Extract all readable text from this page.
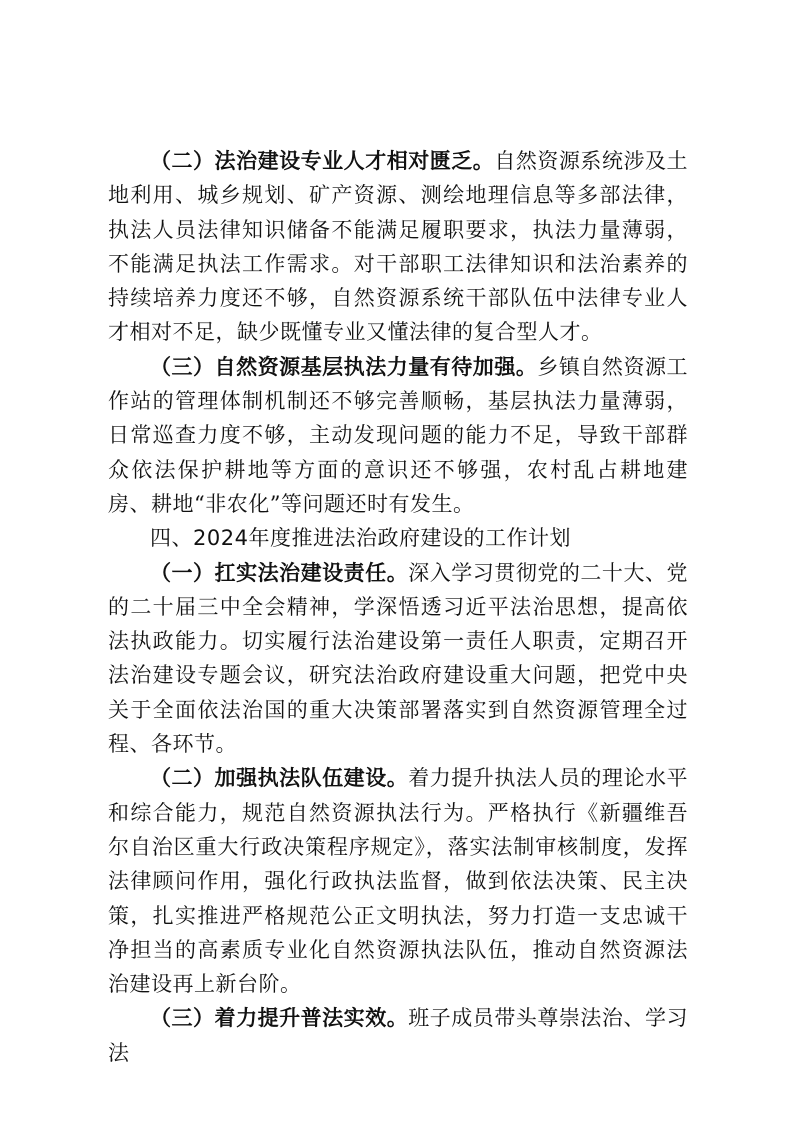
（二）法治建设专业人才相对匮乏。自然资源系统涉及土地利用、城乡规划、矿产资源、测绘地理信息等多部法律，执法人员法律知识储备不能满足履职要求，执法力量薄弱，不能满足执法工作需求。对干部职工法律知识和法治素养的持续培养力度还不够，自然资源系统干部队伍中法律专业人才相对不足，缺少既懂专业又懂法律的复合型人才。

（三）自然资源基层执法力量有待加强。乡镇自然资源工作站的管理体制机制还不够完善顺畅，基层执法力量薄弱，日常巡查力度不够，主动发现问题的能力不足，导致干部群众依法保护耕地等方面的意识还不够强，农村乱占耕地建房、耕地“非农化”等问题还时有发生。

四、2024年度推进法治政府建设的工作计划

（一）扛实法治建设责任。深入学习贯彻党的二十大、党的二十届三中全会精神，学深悟透习近平法治思想，提高依法执政能力。切实履行法治建设第一责任人职责，定期召开法治建设专题会议，研究法治政府建设重大问题，把党中央关于全面依法治国的重大决策部署落实到自然资源管理全过程、各环节。

（二）加强执法队伍建设。着力提升执法人员的理论水平和综合能力，规范自然资源执法行为。严格执行《新疆维吾尔自治区重大行政决策程序规定》，落实法制审核制度，发挥法律顾问作用，强化行政执法监督，做到依法决策、民主决策，扎实推进严格规范公正文明执法，努力打造一支忠诚干净担当的高素质专业化自然资源执法队伍，推动自然资源法治建设再上新台阶。

（三）着力提升普法实效。班子成员带头尊崇法治、学习法
